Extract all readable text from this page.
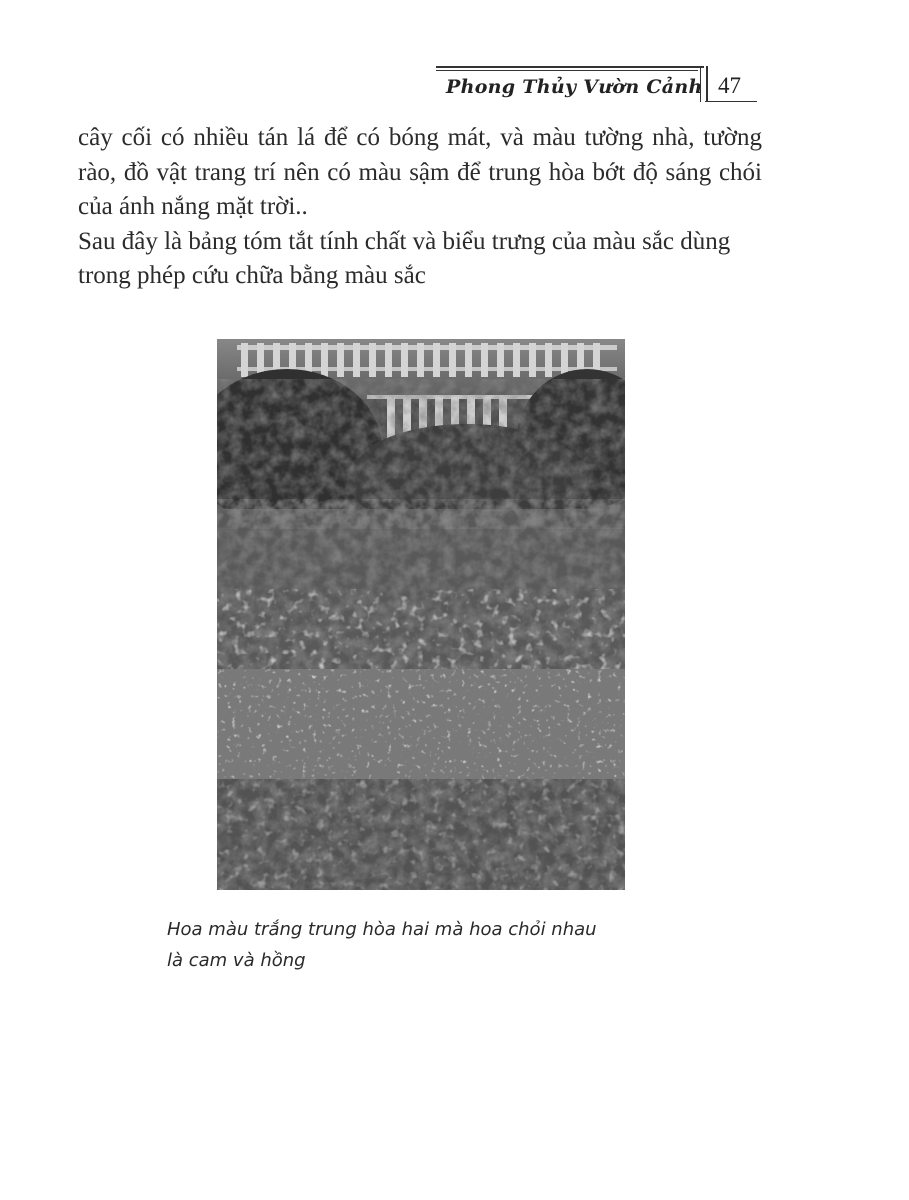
Phong Thủy Vườn Cảnh 47

cây cối có nhiều tán lá để có bóng mát, và màu tường nhà, tường rào, đồ vật trang trí nên có màu sậm để trung hòa bớt độ sáng chói của ánh nắng mặt trời..

Sau đây là bảng tóm tắt tính chất và biểu trưng của màu sắc dùng trong phép cứu chữa bằng màu sắc

Hoa màu trắng trung hòa hai mà hoa chỏi nhau
là cam và hồng
